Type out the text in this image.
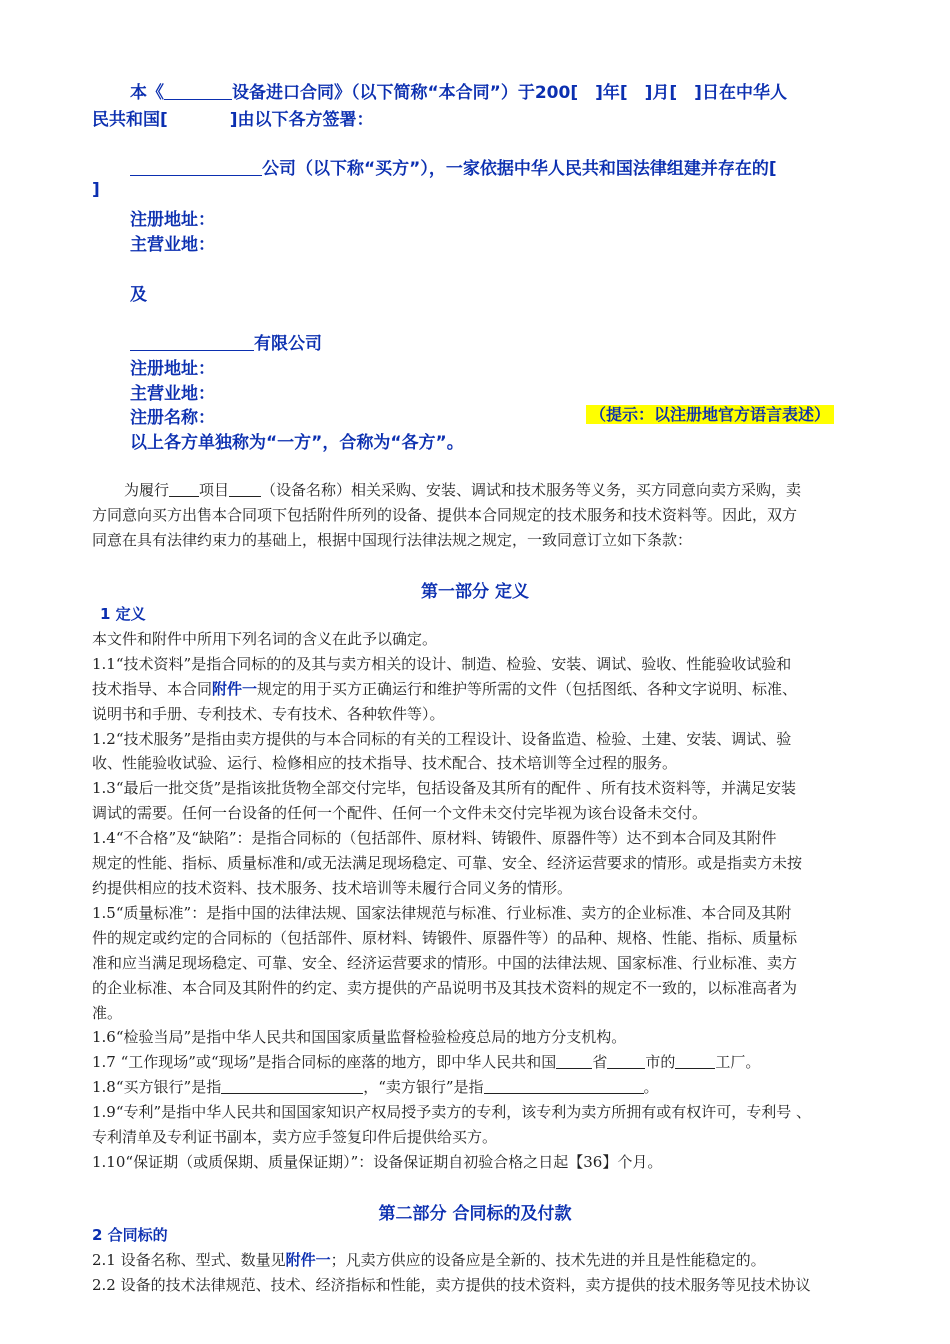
本《	设备进口合同》（以下简称“本合同”）于200[　]年[　]月[　]日在中华人
民共和国[	]由以下各方签署：
公司（以下称“买方”），一家依据中华人民共和国法律组建并存在的[
]
注册地址：
主营业地：
及
有限公司
注册地址：
主营业地：
注册名称：	（提示：以注册地官方语言表述）
以上各方单独称为“一方”，合称为“各方”。
为履行 项目 （设备名称）相关采购、安装、调试和技术服务等义务，买方同意向卖方采购，卖
方同意向买方出售本合同项下包括附件所列的设备、提供本合同规定的技术服务和技术资料等。因此，双方
同意在具有法律约束力的基础上，根据中国现行法律法规之规定，一致同意订立如下条款：
第一部分 定义
1 定义
本文件和附件中所用下列名词的含义在此予以确定。
1.1“技术资料”是指合同标的的及其与卖方相关的设计、制造、检验、安装、调试、验收、性能验收试验和
技术指导、本合同附件一规定的用于买方正确运行和维护等所需的文件（包括图纸、各种文字说明、标准、
说明书和手册、专利技术、专有技术、各种软件等）。
1.2“技术服务”是指由卖方提供的与本合同标的有关的工程设计、设备监造、检验、土建、安装、调试、验
收、性能验收试验、运行、检修相应的技术指导、技术配合、技术培训等全过程的服务。
1.3“最后一批交货”是指该批货物全部交付完毕，包括设备及其所有的配件 、所有技术资料等，并满足安装
调试的需要。任何一台设备的任何一个配件、任何一个文件未交付完毕视为该台设备未交付。
1.4“不合格”及“缺陷”：是指合同标的（包括部件、原材料、铸锻件、原器件等）达不到本合同及其附件
规定的性能、指标、质量标准和/或无法满足现场稳定、可靠、安全、经济运营要求的情形。或是指卖方未按
约提供相应的技术资料、技术服务、技术培训等未履行合同义务的情形。
1.5“质量标准”：是指中国的法律法规、国家法律规范与标准、行业标准、卖方的企业标准、本合同及其附
件的规定或约定的合同标的（包括部件、原材料、铸锻件、原器件等）的品种、规格、性能、指标、质量标
准和应当满足现场稳定、可靠、安全、经济运营要求的情形。中国的法律法规、国家标准、行业标准、卖方
的企业标准、本合同及其附件的约定、卖方提供的产品说明书及其技术资料的规定不一致的，以标准高者为
准。
1.6“检验当局”是指中华人民共和国国家质量监督检验检疫总局的地方分支机构。
1.7 “工作现场”或“现场”是指合同标的座落的地方，即中华人民共和国 省	市的	工厂。
1.8“买方银行”是指	，“卖方银行”是指	。
1.9“专利”是指中华人民共和国国家知识产权局授予卖方的专利，该专利为卖方所拥有或有权许可，专利号 、
专利清单及专利证书副本，卖方应手签复印件后提供给买方。
1.10“保证期（或质保期、质量保证期）”：设备保证期自初验合格之日起【36】个月。
第二部分 合同标的及付款
2 合同标的
2.1 设备名称、型式、数量见附件一；凡卖方供应的设备应是全新的、技术先进的并且是性能稳定的。
2.2 设备的技术法律规范、技术、经济指标和性能，卖方提供的技术资料，卖方提供的技术服务等见技术协议
